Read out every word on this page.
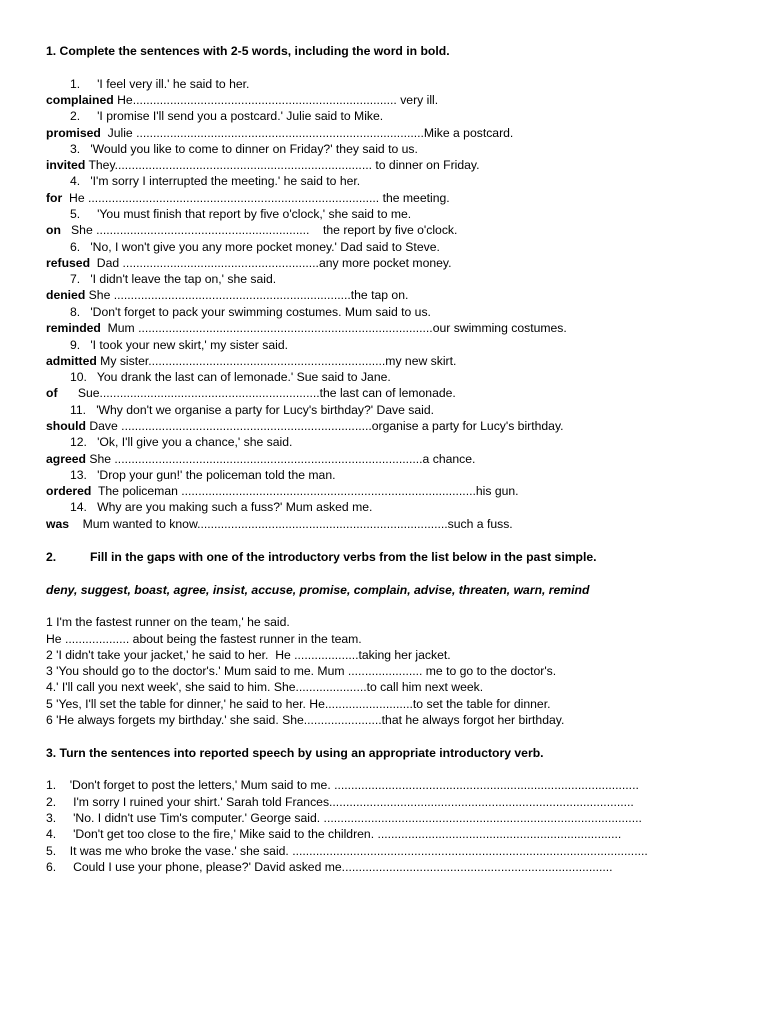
1. Complete the sentences with 2-5 words, including the word in bold.
1.     'I feel very ill.' he said to her.
complained He.............................................................................. very ill.
2.     'I promise I'll send you a postcard.' Julie said to Mike.
promised  Julie .....................................................................................Mike a postcard.
3.   'Would you like to come to dinner on Friday?' they said to us.
invited They............................................................................ to dinner on Friday.
4.   'I'm sorry I interrupted the meeting.' he said to her.
for  He ...................................................................................... the meeting.
5.     'You must finish that report by five o'clock,' she said to me.
on   She ...............................................................    the report by five o'clock.
6.   'No, I won't give you any more pocket money.' Dad said to Steve.
refused  Dad ..........................................................any more pocket money.
7.   'I didn't leave the tap on,' she said.
denied She ......................................................................the tap on.
8.   'Don't forget to pack your swimming costumes. Mum said to us.
reminded  Mum .......................................................................................our swimming costumes.
9.   'I took your new skirt,' my sister said.
admitted My sister......................................................................my new skirt.
10.   You drank the last can of lemonade.' Sue said to Jane.
of      Sue.................................................................the last can of lemonade.
11.   'Why don't we organise a party for Lucy's birthday?' Dave said.
should Dave ..........................................................................organise a party for Lucy's birthday.
12.   'Ok, I'll give you a chance,' she said.
agreed She ...........................................................................................a chance.
13.   'Drop your gun!' the policeman told the man.
ordered  The policeman .......................................................................................his gun.
14.   Why are you making such a fuss?' Mum asked me.
was    Mum wanted to know..........................................................................such a fuss.
2.          Fill in the gaps with one of the introductory verbs from the list below in the past simple.
deny, suggest, boast, agree, insist, accuse, promise, complain, advise, threaten, warn, remind
1 I'm the fastest runner on the team,' he said.
He ................... about being the fastest runner in the team.
2 'I didn't take your jacket,' he said to her.  He ...................taking her jacket.
3 'You should go to the doctor's.' Mum said to me. Mum ...................... me to go to the doctor's.
4.' I'll call you next week', she said to him. She.....................to call him next week.
5 'Yes, I'll set the table for dinner,' he said to her. He..........................to set the table for dinner.
6 'He always forgets my birthday.' she said. She.......................that he always forgot her birthday.
3. Turn the sentences into reported speech by using an appropriate introductory verb.
1.    'Don't forget to post the letters,' Mum said to me. ..........................................................................................
2.     I'm sorry I ruined your shirt.' Sarah told Frances..........................................................................................
3.     'No. I didn't use Tim's computer.' George said. ..............................................................................................
4.     'Don't get too close to the fire,' Mike said to the children. ........................................................................
5.    It was me who broke the vase.' she said. .........................................................................................................
6.     Could I use your phone, please?' David asked me................................................................................
